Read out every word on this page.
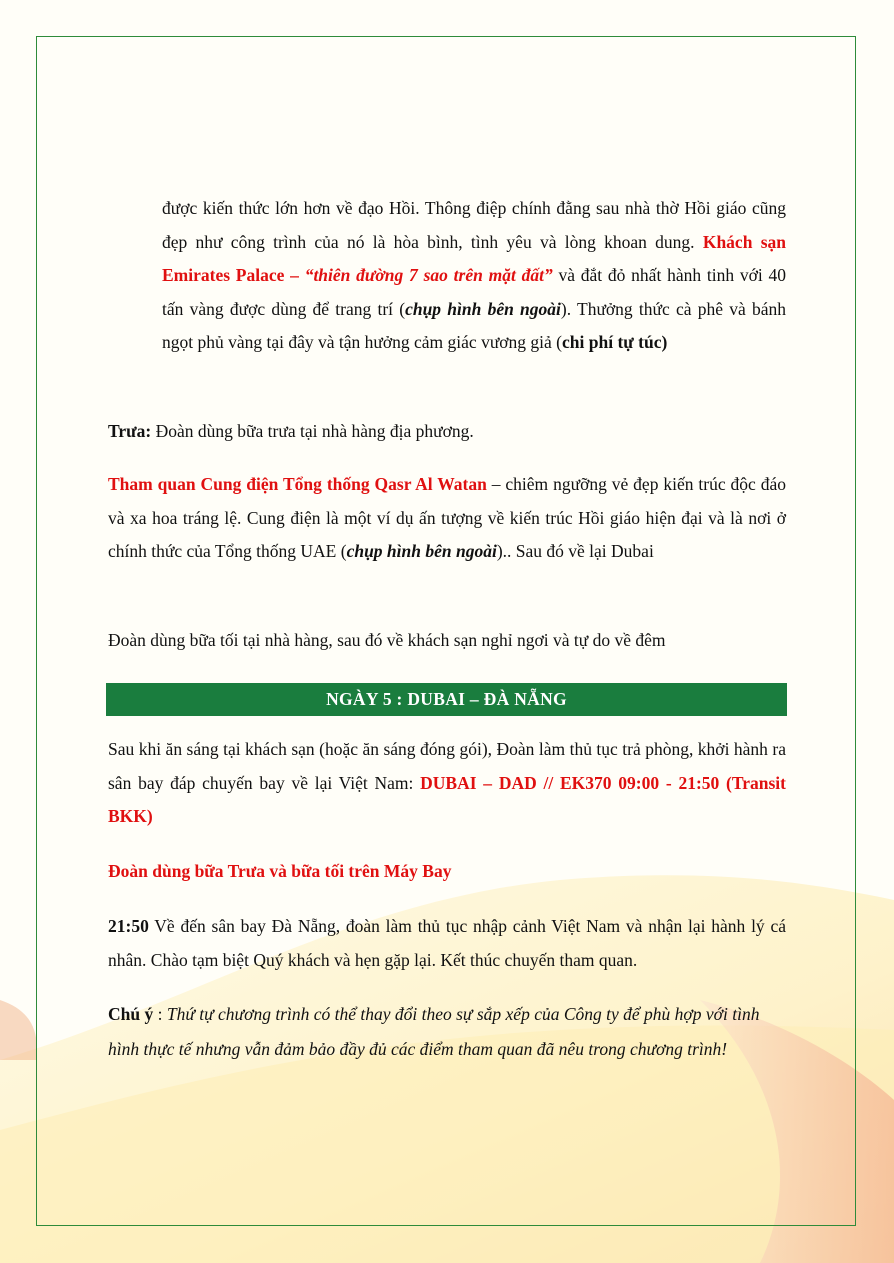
được kiến thức lớn hơn về đạo Hồi. Thông điệp chính đằng sau nhà thờ Hồi giáo cũng đẹp như công trình của nó là hòa bình, tình yêu và lòng khoan dung. Khách sạn Emirates Palace – “thiên đường 7 sao trên mặt đất” và đắt đỏ nhất hành tinh với 40 tấn vàng được dùng để trang trí (chụp hình bên ngoài). Thưởng thức cà phê và bánh ngọt phủ vàng tại đây và tận hưởng cảm giác vương giả (chi phí tự túc)

Trưa: Đoàn dùng bữa trưa tại nhà hàng địa phương.

Tham quan Cung điện Tổng thống Qasr Al Watan – chiêm ngưỡng vẻ đẹp kiến trúc độc đáo và xa hoa tráng lệ. Cung điện là một ví dụ ấn tượng về kiến trúc Hồi giáo hiện đại và là nơi ở chính thức của Tổng thống UAE (chụp hình bên ngoài).. Sau đó về lại Dubai

Đoàn dùng bữa tối tại nhà hàng, sau đó về khách sạn nghỉ ngơi và tự do về đêm

NGÀY 5 : DUBAI – ĐÀ NẴNG

Sau khi ăn sáng tại khách sạn (hoặc ăn sáng đóng gói), Đoàn làm thủ tục trả phòng, khởi hành ra sân bay đáp chuyến bay về lại Việt Nam: DUBAI – DAD // EK370 09:00 - 21:50 (Transit BKK)

Đoàn dùng bữa Trưa và bữa tối trên Máy Bay

21:50 Về đến sân bay Đà Nẵng, đoàn làm thủ tục nhập cảnh Việt Nam và nhận lại hành lý cá nhân. Chào tạm biệt Quý khách và hẹn gặp lại. Kết thúc chuyến tham quan.

Chú ý : Thứ tự chương trình có thể thay đổi theo sự sắp xếp của Công ty để phù hợp với tình hình thực tế nhưng vẫn đảm bảo đầy đủ các điểm tham quan đã nêu trong chương trình!
